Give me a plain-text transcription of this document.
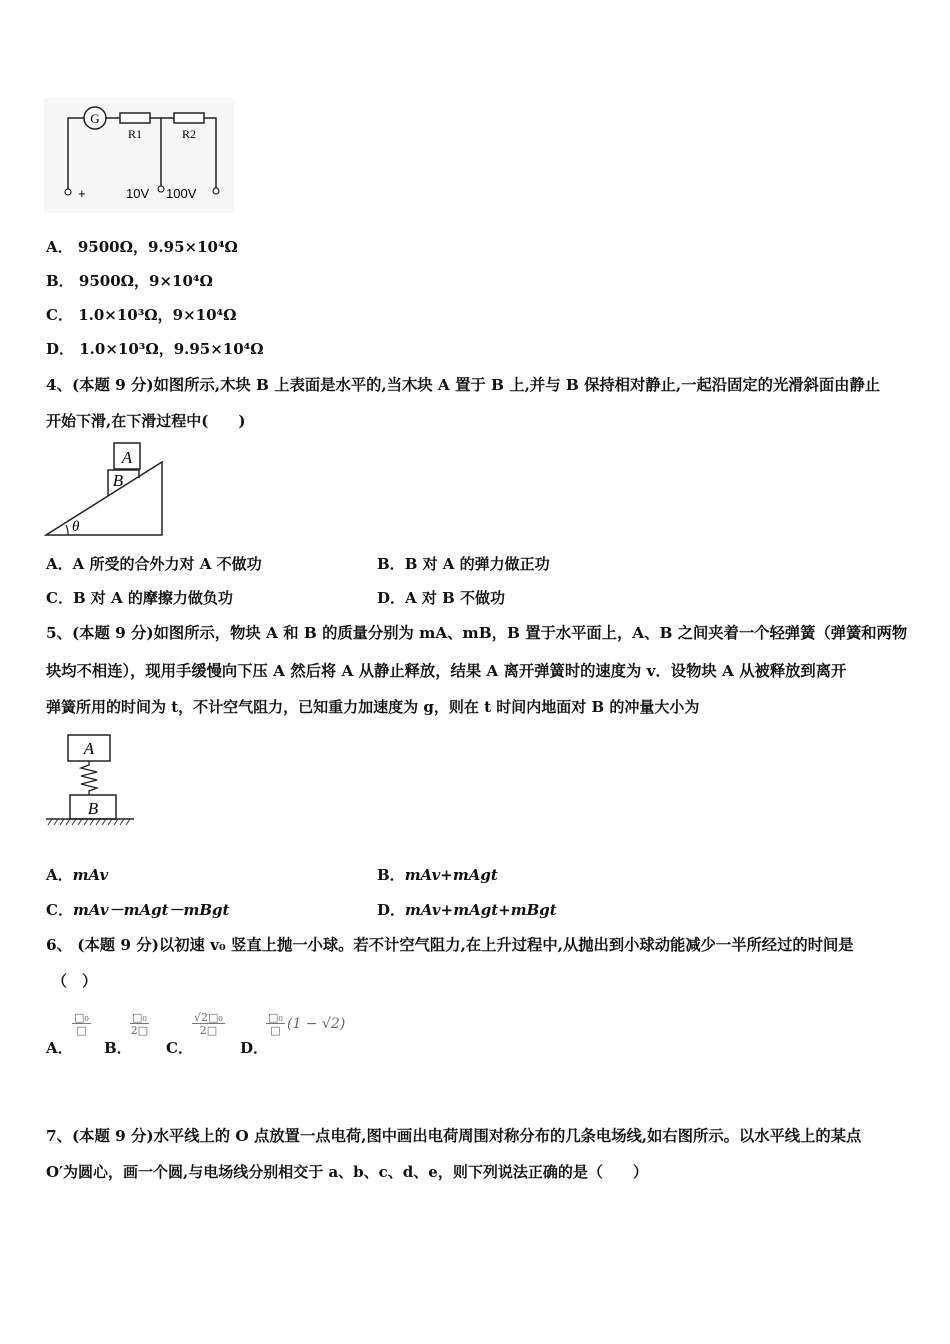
G
R1	R2
+	10V 100V
A． 9500Ω，9.95×10⁴Ω
B． 9500Ω，9×10⁴Ω
C． 1.0×10³Ω，9×10⁴Ω
D． 1.0×10³Ω，9.95×10⁴Ω
4、(本题 9 分)如图所示,木块 B 上表面是水平的,当木块 A 置于 B 上,并与 B 保持相对静止,一起沿固定的光滑斜面由静止
开始下滑,在下滑过程中(　　)
A
B
θ
A．A 所受的合外力对 A 不做功	B．B 对 A 的弹力做正功
C．B 对 A 的摩擦力做负功	D．A 对 B 不做功
5、(本题 9 分)如图所示，物块 A 和 B 的质量分别为 mA、mB，B 置于水平面上，A、B 之间夹着一个轻弹簧（弹簧和两物
块均不相连），现用手缓慢向下压 A 然后将 A 从静止释放，结果 A 离开弹簧时的速度为 v．设物块 A 从被释放到离开
弹簧所用的时间为 t，不计空气阻力，已知重力加速度为 g，则在 t 时间内地面对 B 的冲量大小为
A
B
A．mAv	B．mAv+mAgt
C．mAv－mAgt－mBgt	D．mAv+mAgt+mBgt
6、 (本题 9 分)以初速 v₀ 竖直上抛一小球。若不计空气阻力,在上升过程中,从抛出到小球动能减少一半所经过的时间是
（　）
A．
□₀
□
B．
□₀
2□
C．
$\frac{\text{√2□₀}}{2□}$
D．
□₀
□ (1 − √2)
7、(本题 9 分)水平线上的 O 点放置一点电荷,图中画出电荷周围对称分布的几条电场线,如右图所示。以水平线上的某点
O′为圆心，画一个圆,与电场线分别相交于 a、b、c、d、e，则下列说法正确的是（　　）
